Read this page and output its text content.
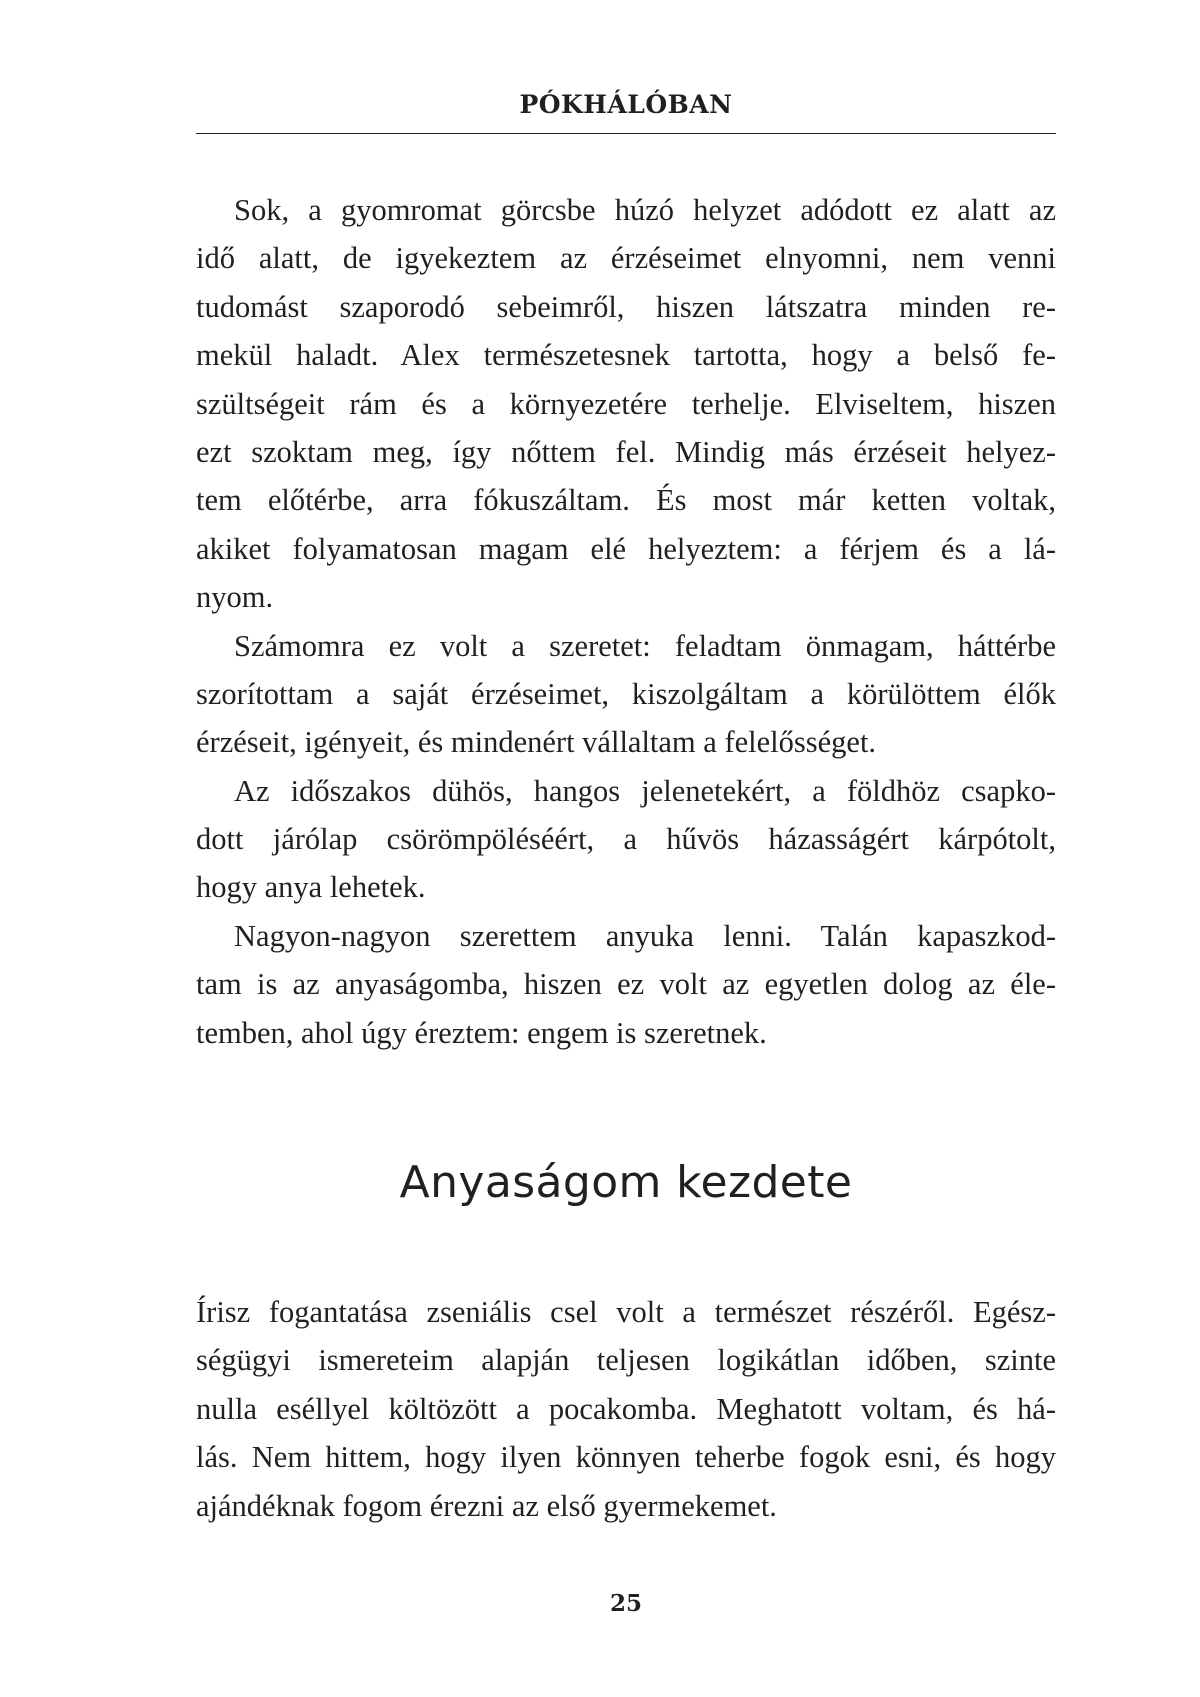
PÓKHÁLÓBAN

Sok, a gyomromat görcsbe húzó helyzet adódott ez alatt az
idő alatt, de igyekeztem az érzéseimet elnyomni, nem venni
tudomást szaporodó sebeimről, hiszen látszatra minden re-
mekül haladt. Alex természetesnek tartotta, hogy a belső fe-
szültségeit rám és a környezetére terhelje. Elviseltem, hiszen
ezt szoktam meg, így nőttem fel. Mindig más érzéseit helyez-
tem előtérbe, arra fókuszáltam. És most már ketten voltak,
akiket folyamatosan magam elé helyeztem: a férjem és a lá-
nyom.

Számomra ez volt a szeretet: feladtam önmagam, háttérbe
szorítottam a saját érzéseimet, kiszolgáltam a körülöttem élők
érzéseit, igényeit, és mindenért vállaltam a felelősséget.

Az időszakos dühös, hangos jelenetekért, a földhöz csapko-
dott járólap csörömpöléséért, a hűvös házasságért kárpótolt,
hogy anya lehetek.

Nagyon-nagyon szerettem anyuka lenni. Talán kapaszkod-
tam is az anyaságomba, hiszen ez volt az egyetlen dolog az éle-
temben, ahol úgy éreztem: engem is szeretnek.

Anyaságom kezdete

Írisz fogantatása zseniális csel volt a természet részéről. Egész-
ségügyi ismereteim alapján teljesen logikátlan időben, szinte
nulla eséllyel költözött a pocakomba. Meghatott voltam, és há-
lás. Nem hittem, hogy ilyen könnyen teherbe fogok esni, és hogy
ajándéknak fogom érezni az első gyermekemet.

25
